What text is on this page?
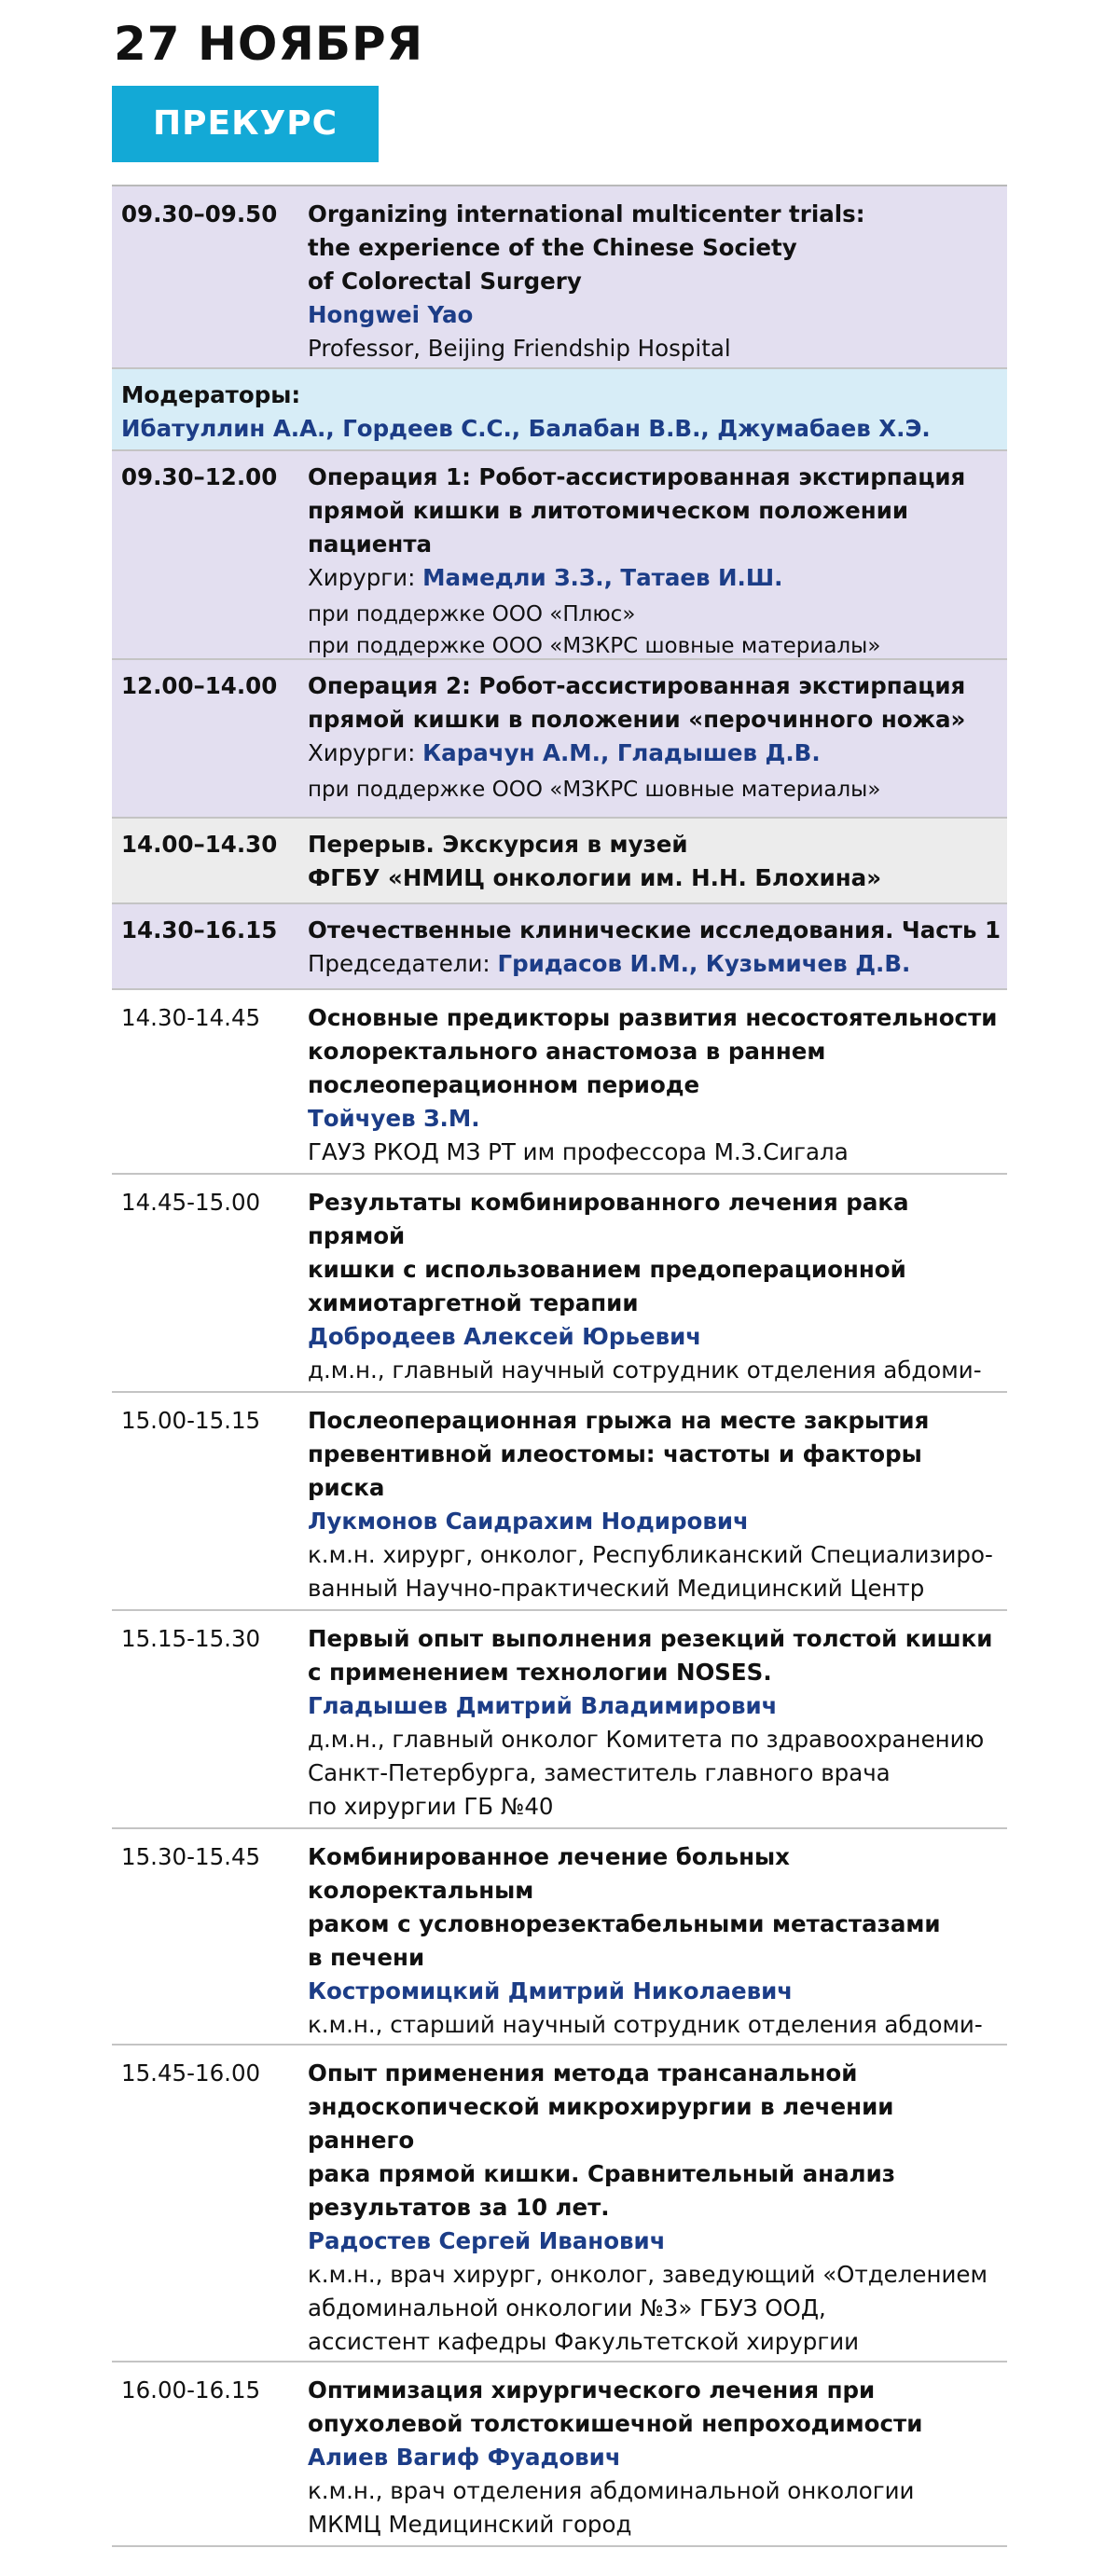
27 НОЯБРЯ
ПРЕКУРС
09.30–09.50	Organizing international multicenter trials:
the experience of the Chinese Society
of Colorectal Surgery
Hongwei Yao
Professor, Beijing Friendship Hospital
Модераторы:
Ибатуллин А.А., Гордеев С.С., Балабан В.В., Джумабаев Х.Э.
09.30–12.00	Операция 1: Робот-ассистированная экстирпация
прямой кишки в литотомическом положении
пациента
Хирурги: Мамедли З.З., Татаев И.Ш.
при поддержке ООО «Плюс»
при поддержке ООО «МЗКРС шовные материалы»
12.00–14.00	Операция 2: Робот-ассистированная экстирпация
прямой кишки в положении «перочинного ножа»
Хирурги: Карачун А.М., Гладышев Д.В.
при поддержке ООО «МЗКРС шовные материалы»
14.00–14.30	Перерыв. Экскурсия в музей
ФГБУ «НМИЦ онкологии им. Н.Н. Блохина»
14.30–16.15	Отечественные клинические исследования. Часть 1
Председатели: Гридасов И.М., Кузьмичев Д.В.
14.30-14.45	Основные предикторы развития несостоятельности
колоректального анастомоза в раннем
послеоперационном периоде
Тойчуев З.М.
ГАУЗ РКОД МЗ РТ им профессора М.З.Сигала
14.45-15.00	Результаты комбинированного лечения рака прямой
кишки с использованием предоперационной
химиотаргетной терапии
Добродеев Алексей Юрьевич
д.м.н., главный научный сотрудник отделения абдоми-

15.00-15.15	Послеоперационная грыжа на месте закрытия
превентивной илеостомы: частоты и факторы риска
Лукмонов Саидрахим Нодирович
к.м.н. хирург, онколог, Республиканский Специализиро-
ванный Научно-практический Медицинский Центр

15.15-15.30	Первый опыт выполнения резекций толстой кишки
с применением технологии NOSES.
Гладышев Дмитрий Владимирович
д.м.н., главный онколог Комитета по здравоохранению
Санкт-Петербурга, заместитель главного врача
по хирургии ГБ №40
15.30-15.45	Комбинированное лечение больных колоректальным
раком с условнорезектабельными метастазами
в печени
Костромицкий Дмитрий Николаевич
к.м.н., старший научный сотрудник отделения абдоми-

15.45-16.00	Опыт применения метода трансанальной
эндоскопической микрохирургии в лечении раннего
рака прямой кишки. Сравнительный анализ
результатов за 10 лет.
Радостев Сергей Иванович
к.м.н., врач хирург, онколог, заведующий «Отделением
абдоминальной онкологии №3» ГБУЗ ООД,
ассистент кафедры Факультетской хирургии

16.00-16.15	Оптимизация хирургического лечения при
опухолевой толстокишечной непроходимости
Алиев Вагиф Фуадович
к.м.н., врач отделения абдоминальной онкологии
МКМЦ Медицинский город
